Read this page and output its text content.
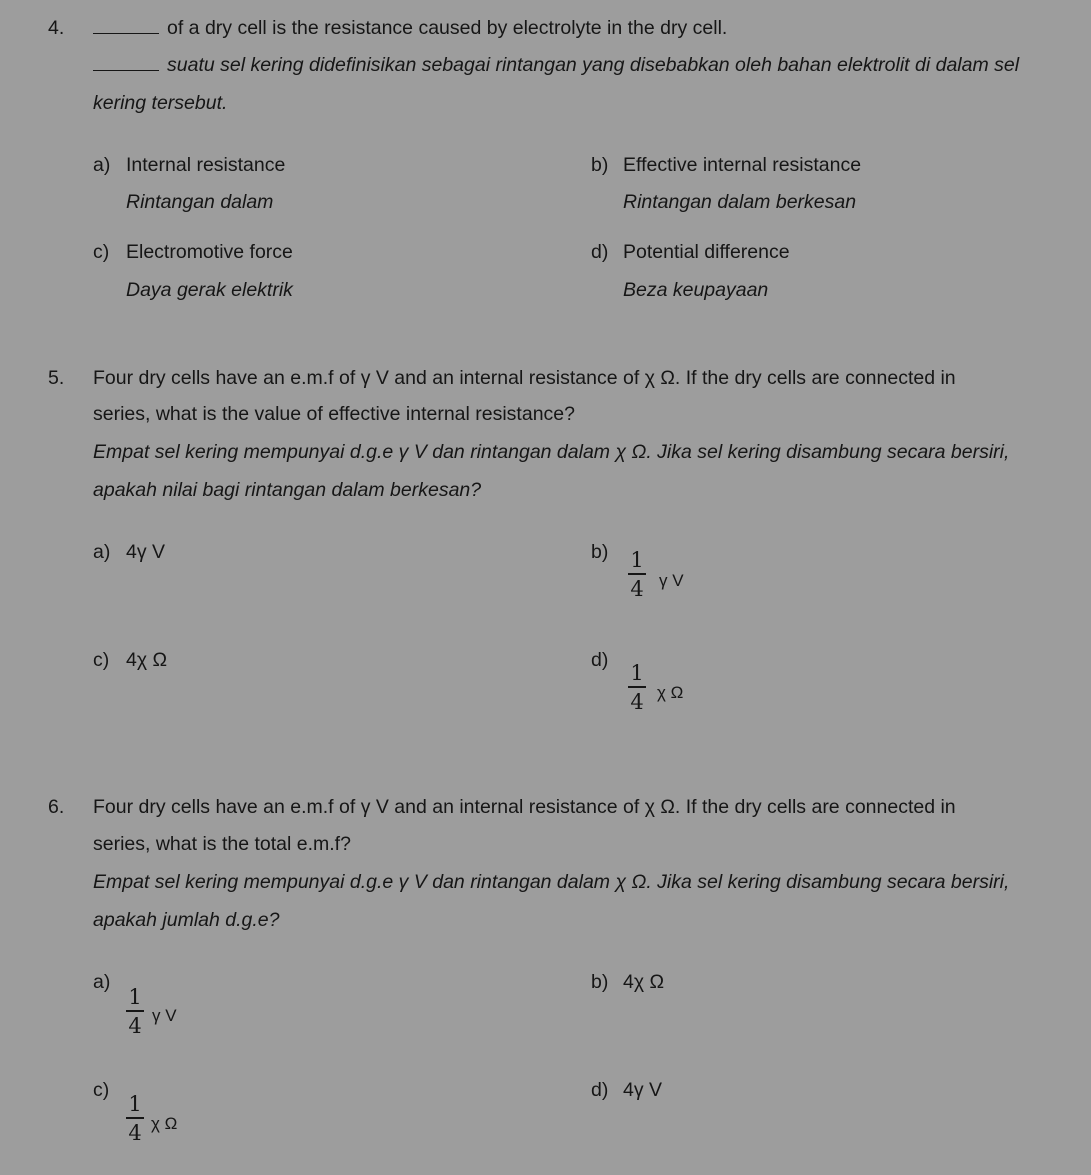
4.	of a dry cell is the resistance caused by electrolyte in the dry cell.
suatu sel kering didefinisikan sebagai rintangan yang disebabkan oleh bahan elektrolit di dalam sel
kering tersebut.
a) Internal resistance
Rintangan dalam
b) Effective internal resistance
Rintangan dalam berkesan
c) Electromotive force
Daya gerak elektrik
d) Potential difference
Beza keupayaan
5. Four dry cells have an e.m.f of γ V and an internal resistance of χ Ω. If the dry cells are connected in
series, what is the value of effective internal resistance?
Empat sel kering mempunyai d.g.e γ V dan rintangan dalam χ Ω. Jika sel kering disambung secara bersiri,
apakah nilai bagi rintangan dalam berkesan?
a) 4γ V	b) 1
4 γ V
c) 4χ Ω	d)
1
4 χ Ω
6. Four dry cells have an e.m.f of γ V and an internal resistance of χ Ω. If the dry cells are connected in
series, what is the total e.m.f?
Empat sel kering mempunyai d.g.e γ V dan rintangan dalam χ Ω. Jika sel kering disambung secara bersiri,
apakah jumlah d.g.e?
a)
1
4 γ V
b) 4χ Ω
c)
1
4 χ Ω
d) 4γ V
